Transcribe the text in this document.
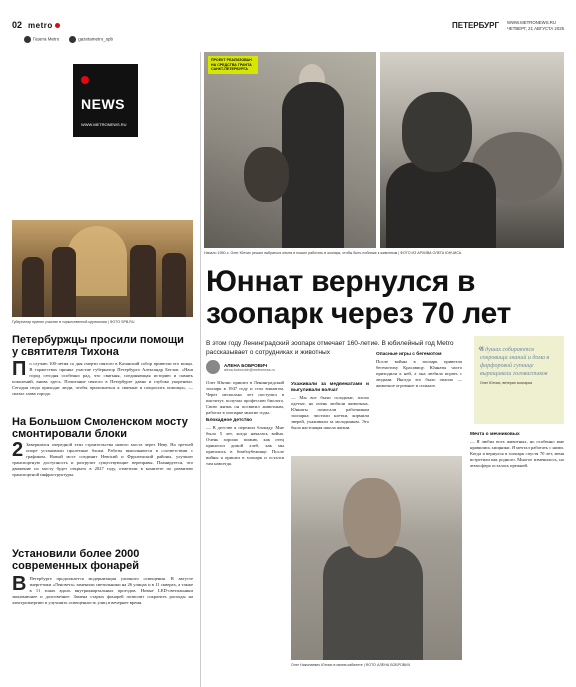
02 metro
Газета Metro	gazetametro_spb
ПЕТЕРБУРГ WWW.METRONEWS.RU
ЧЕТВЕРГ, 21 АВГУСТА 2025
NEWS
WWW.METRONEWS.RU
Губернатор принял участие в торжественной церемонии | ФОТО SPB.RU
Петербуржцы просили помощи у святителя Тихона
По случаю 100-летия со дня смерти святого в Казанский собор привезли его мощи. В торжествах принял участие губернатор Петербурга Александр Беглов. «Наш город сегодня особенно рад, что святыня, соединяющая историю и память поколений, вновь здесь. Почитание святого в Петербурге давно и глубоко укоренено. Сегодня сюда приходят люди, чтобы приложиться к святыне и попросить помощи», — сказал глава города.
На Большом Смоленском мосту смонтировали блоки
2 Завершился очередной этап строительства нового моста через Неву. На третьей опоре установили пролетные блоки. Работы выполняются в соответствии с графиком. Новый мост соединит Невский и Фрунзенский районы, улучшит транспортную доступность и разгрузит существующие переправы. Планируется, что движение по мосту будет открыто в 2027 году, отметили в комитете по развитию транспортной инфраструктуры.
Установили более 2000 современных фонарей
В Петербурге продолжается модернизация уличного освещения. В августе энергетики «Ленсвета» заменили светильники на 26 улицах и в 11 скверах, а также в 11 зонах вдоль внутриквартальных проездов. Новые LED-светильники экономичнее и долговечнее. Замена старых фонарей позволит сократить расходы на электроэнергию и улучшить освещенность улиц в вечернее время.
ПРОЕКТ РЕАЛИЗОВАН НА СРЕДСТВА ГРАНТА САНКТ-ПЕТЕРБУРГА
Начало 1950-х. Олег Юнчис решил набраться опыта и пошел работать в зоопарк, чтобы быть поближе к животным | ФОТО ИЗ АРХИВА ОЛЕГА ЮНЧИСА
Юннат вернулся в зоопарк через 70 лет
В этом году Ленинградский зоопарк отмечает 160-летие. В юбилейный год Metro рассказывает о сотрудниках и животных
АЛЕНА БОБРОВИЧ
alena.bobrovich@metronews.ru

Олег Юнчис пришел в Ленинградский зоопарк в 1947 году и стал юннатом. Через несколько лет поступил в институт, получил профессию биолога. Свою жизнь он посвятил животным, работал в зоопарке многие годы.

Блокадное детство

— В детстве я пережил блокаду. Мне было 5 лет, когда началась война. Очень хорошо помню, как отец приносил домой хлеб, как мы прятались в бомбоубежище. После войны я пришел в зоопарк и остался там навсегда.

Ухаживали за медвежатами и выгуливали волчат

— Мы все были голодные, плохо одетые, но очень любили животных. Юннаты помогали работникам зоопарка: чистили клетки, кормили зверей, ухаживали за молодняком. Это была настоящая школа жизни.

Опасные игры с бегемотом

После войны в зоопарк привезли бегемотиху Красавицу. Юннаты часто приходили к ней, а она любила играть с людьми. Иногда это было опасно — животное огромное и сильное.

Олег Николаевич Юнчис в своем кабинете | ФОТО АЛЕНА БОБРОВИЧ
«
В душах собираются сокровища знаний и дома в фарфоровой супнице выращивали головастиков
Олег Юнчис, ветеран зоопарка
Мечта о мечниковых

— Я любил всех животных, но особенно мне нравились хищники. Я мечтал работать с ними. Когда я вернулся в зоопарк спустя 70 лет, меня встретили как родного. Многое изменилось, но атмосфера осталась прежней.
